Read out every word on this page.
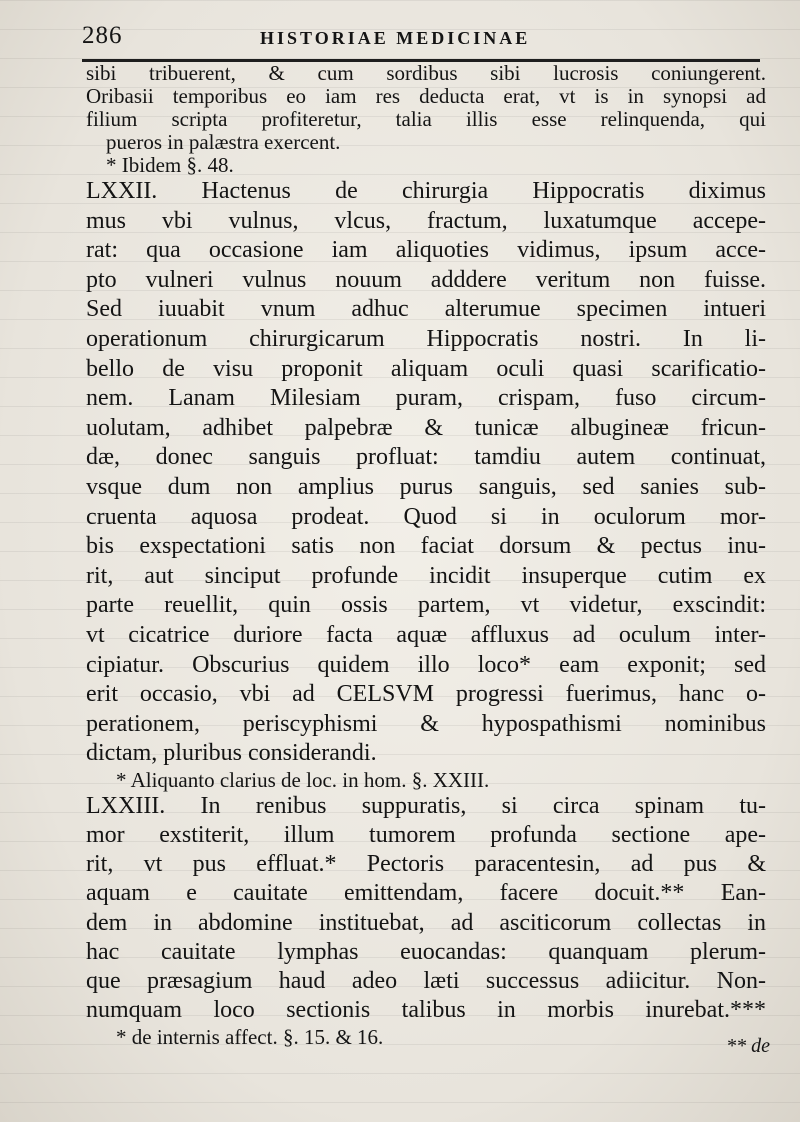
286	HISTORIAE MEDICINAE
sibi tribuerent, & cum sordibus sibi lucrosis coniungerent.
Oribasii temporibus eo iam res deducta erat, vt is in synopsi ad
filium scripta profiteretur, talia illis esse relinquenda, qui
pueros in palæstra exercent.
* Ibidem §. 48.
LXXII. Hactenus de chirurgia Hippocratis diximus
mus vbi vulnus, vlcus, fractum, luxatumque accepe-
rat: qua occasione iam aliquoties vidimus, ipsum acce-
pto vulneri vulnus nouum adddere veritum non fuisse.
Sed iuuabit vnum adhuc alterumue specimen intueri
operationum chirurgicarum Hippocratis nostri. In li-
bello de visu proponit aliquam oculi quasi scarificatio-
nem. Lanam Milesiam puram, crispam, fuso circum-
uolutam, adhibet palpebræ & tunicæ albugineæ fricun-
dæ, donec sanguis profluat: tamdiu autem continuat,
vsque dum non amplius purus sanguis, sed sanies sub-
cruenta aquosa prodeat. Quod si in oculorum mor-
bis exspectationi satis non faciat dorsum & pectus inu-
rit, aut sinciput profunde incidit insuperque cutim ex
parte reuellit, quin ossis partem, vt videtur, exscindit:
vt cicatrice duriore facta aquæ affluxus ad oculum inter-
cipiatur. Obscurius quidem illo loco* eam exponit; sed
erit occasio, vbi ad CELSVM progressi fuerimus, hanc o-
perationem, periscyphismi & hypospathismi nominibus
dictam, pluribus considerandi.
* Aliquanto clarius de loc. in hom. §. XXIII.
LXXIII. In renibus suppuratis, si circa spinam tu-
mor exstiterit, illum tumorem profunda sectione ape-
rit, vt pus effluat.* Pectoris paracentesin, ad pus &
aquam e cauitate emittendam, facere docuit.** Ean-
dem in abdomine instituebat, ad asciticorum collectas in
hac cauitate lymphas euocandas: quanquam plerum-
que præsagium haud adeo læti successus adiicitur. Non-
numquam loco sectionis talibus in morbis inurebat.***
* de internis affect. §. 15. & 16.	** de
